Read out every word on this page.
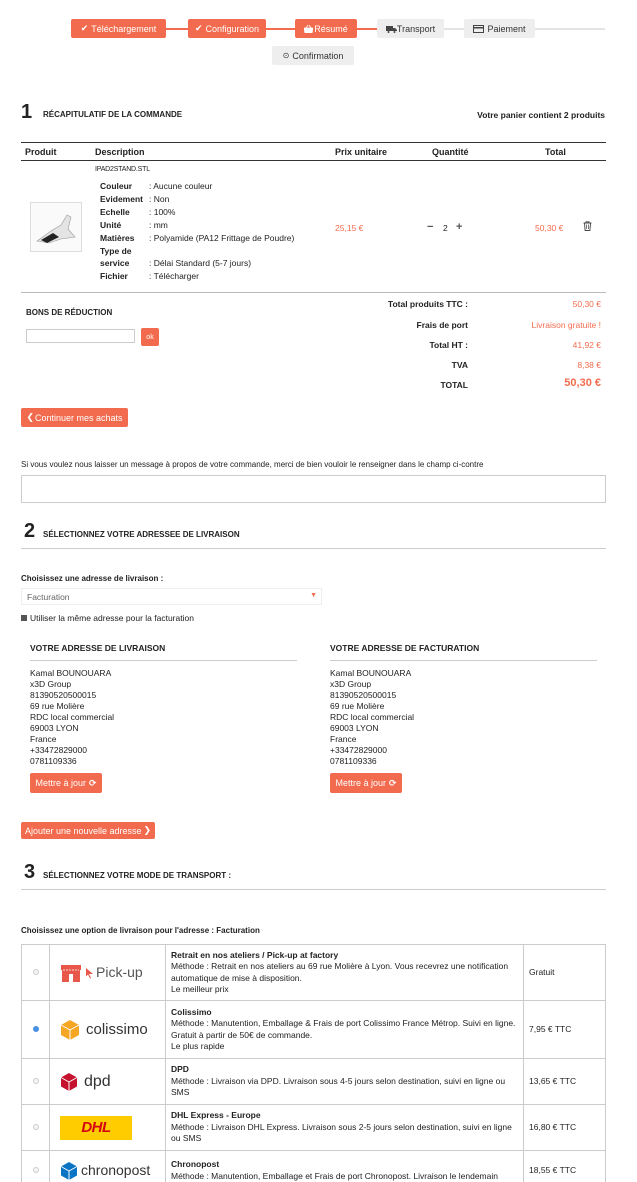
✔ Téléchargement	✔ Configuration	Résumé	Transport	Paiement
⊙ Confirmation
1 RÉCAPITULATIF DE LA COMMANDE	Votre panier contient 2 produits
Produit	Description	Prix unitaire	Quantité	Total
IPAD2STAND.STL
Couleur	: Aucune couleur
Evidement : Non
Echelle	: 100%
Unité	: mm
Matières	: Polyamide (PA12 Frittage de Poudre)
Type de
service	: Délai Standard (5-7 jours)
Fichier	: Télécharger
25,15 €	− 2 +	50,30 €
BONS DE RÉDUCTION
ok
Total produits TTC :	50,30 €
Frais de port	Livraison gratuite !
Total HT :	41,92 €
TVA	8,38 €
TOTAL	50,30 €
❮ Continuer mes achats
Si vous voulez nous laisser un message à propos de votre commande, merci de bien vouloir le renseigner dans le champ ci-contre
2 SÉLECTIONNEZ VOTRE ADRESSEE DE LIVRAISON
Choisissez une adresse de livraison :
Facturation	▼
Utiliser la même adresse pour la facturation
VOTRE ADRESSE DE LIVRAISON
Kamal BOUNOUARA
x3D Group
81390520500015
69 rue Molière
RDC local commercial
69003 LYON
France
+33472829000
0781109336
Mettre à jour ⟳
VOTRE ADRESSE DE FACTURATION
Kamal BOUNOUARA
x3D Group
81390520500015
69 rue Molière
RDC local commercial
69003 LYON
France
+33472829000
0781109336
Mettre à jour ⟳
Ajouter une nouvelle adresse ❯
3 SÉLECTIONNEZ VOTRE MODE DE TRANSPORT :
Choisissez une option de livraison pour l'adresse : Facturation

	Pick-up	Retrait en nos ateliers / Pick-up at factory
Méthode : Retrait en nos ateliers au 69 rue Molière à Lyon. Vous recevrez une notification automatique de mise à disposition.
Le meilleur prix	Gratuit

	colissimo	Colissimo
Méthode : Manutention, Emballage & Frais de port Colissimo France Métrop. Suivi en ligne. Gratuit à partir de 50€ de commande.
Le plus rapide	7,95 € TTC

	dpd	DPD
Méthode : Livraison via DPD. Livraison sous 4-5 jours selon destination, suivi en ligne ou SMS	13,65 € TTC

	DHL	DHL Express - Europe
Méthode : Livraison DHL Express. Livraison sous 2-5 jours selon destination, suivi en ligne ou SMS	16,80 € TTC

	chronopost	Chronopost
Méthode : Manutention, Emballage et Frais de port Chronopost. Livraison le lendemain	18,55 € TTC
